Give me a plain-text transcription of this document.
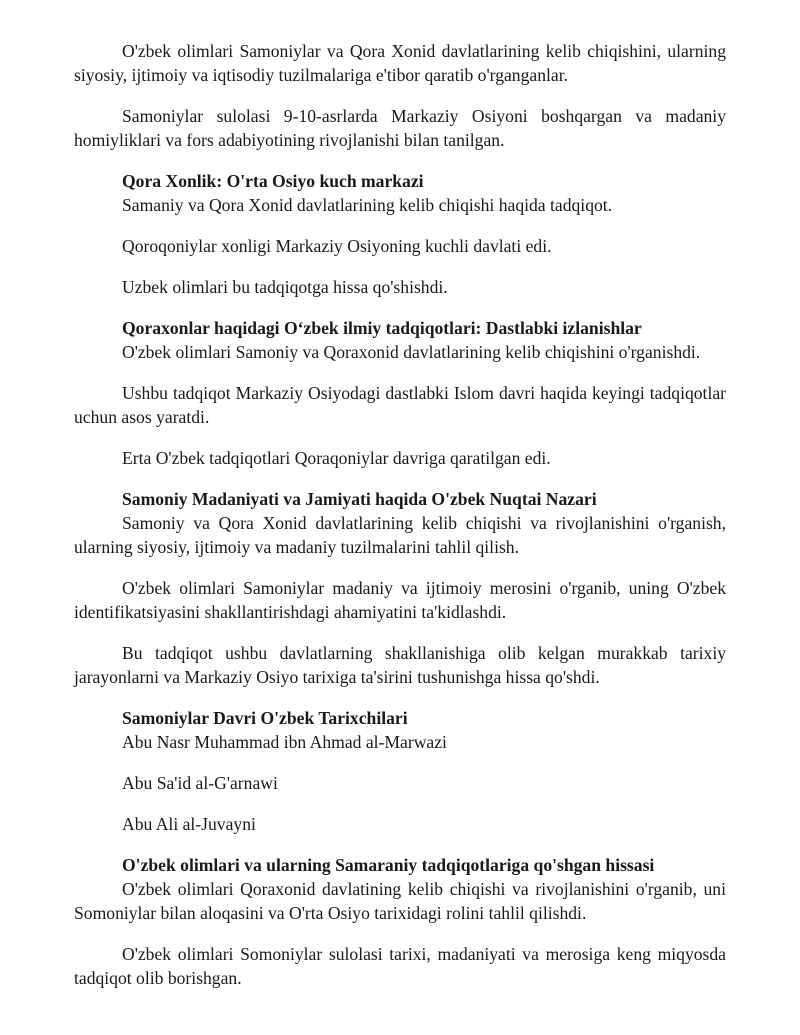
O'zbek olimlari Samoniylar va Qora Xonid davlatlarining kelib chiqishini, ularning siyosiy, ijtimoiy va iqtisodiy tuzilmalariga e'tibor qaratib o'rganganlar.

Samoniylar sulolasi 9-10-asrlarda Markaziy Osiyoni boshqargan va madaniy homiyliklari va fors adabiyotining rivojlanishi bilan tanilgan.

Qora Xonlik: O'rta Osiyo kuch markazi

Samaniy va Qora Xonid davlatlarining kelib chiqishi haqida tadqiqot.

Qoroqoniylar xonligi Markaziy Osiyoning kuchli davlati edi.

Uzbek olimlari bu tadqiqotga hissa qo'shishdi.

Qoraxonlar haqidagi O‘zbek ilmiy tadqiqotlari: Dastlabki izlanishlar

O'zbek olimlari Samoniy va Qoraxonid davlatlarining kelib chiqishini o'rganishdi.

Ushbu tadqiqot Markaziy Osiyodagi dastlabki Islom davri haqida keyingi tadqiqotlar uchun asos yaratdi.

Erta O'zbek tadqiqotlari Qoraqoniylar davriga qaratilgan edi.

Samoniy Madaniyati va Jamiyati haqida O'zbek Nuqtai Nazari

Samoniy va Qora Xonid davlatlarining kelib chiqishi va rivojlanishini o'rganish, ularning siyosiy, ijtimoiy va madaniy tuzilmalarini tahlil qilish.

O'zbek olimlari Samoniylar madaniy va ijtimoiy merosini o'rganib, uning O'zbek identifikatsiyasini shakllantirishdagi ahamiyatini ta'kidlashdi.

Bu tadqiqot ushbu davlatlarning shakllanishiga olib kelgan murakkab tarixiy jarayonlarni va Markaziy Osiyo tarixiga ta'sirini tushunishga hissa qo'shdi.

Samoniylar Davri O'zbek Tarixchilari

Abu Nasr Muhammad ibn Ahmad al-Marwazi

Abu Sa'id al-G'arnawi

Abu Ali al-Juvayni

O'zbek olimlari va ularning Samaraniy tadqiqotlariga qo'shgan hissasi

O'zbek olimlari Qoraxonid davlatining kelib chiqishi va rivojlanishini o'rganib, uni Somoniylar bilan aloqasini va O'rta Osiyo tarixidagi rolini tahlil qilishdi.

O'zbek olimlari Somoniylar sulolasi tarixi, madaniyati va merosiga keng miqyosda tadqiqot olib borishgan.
